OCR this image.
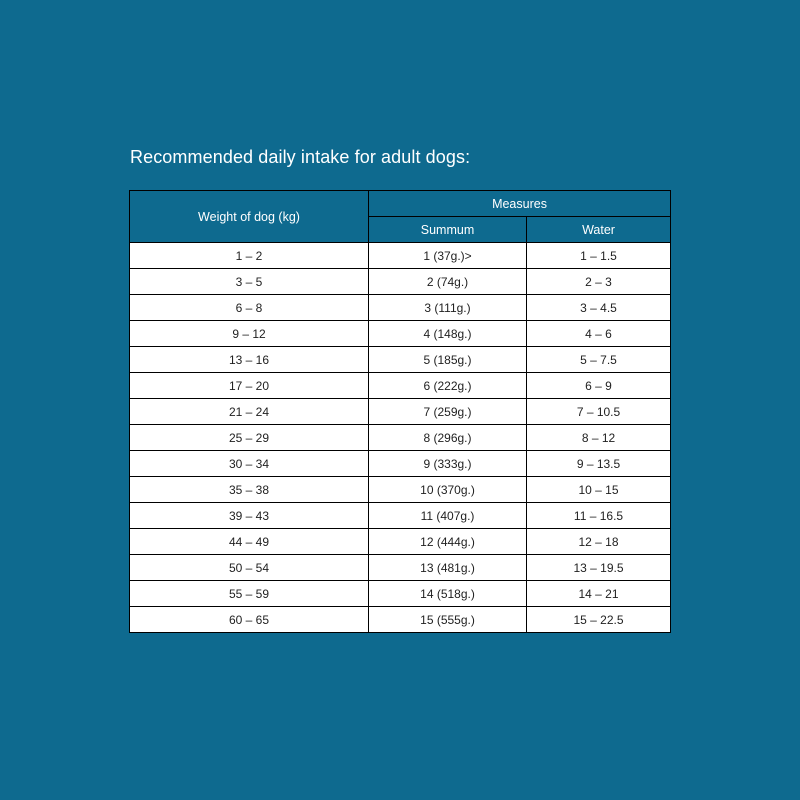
Recommended daily intake for adult dogs:
Weight of dog (kg)	Measures	
	Summum	Water
1 – 2	1 (37g.)>	1 – 1.5
3 – 5	2 (74g.)	2 – 3
6 – 8	3 (111g.)	3 – 4.5
9 – 12	4 (148g.)	4 – 6
13 – 16	5 (185g.)	5 – 7.5
17 – 20	6 (222g.)	6 – 9
21 – 24	7 (259g.)	7 – 10.5
25 – 29	8 (296g.)	8 – 12
30 – 34	9 (333g.)	9 – 13.5
35 – 38	10 (370g.)	10 – 15
39 – 43	11 (407g.)	11 – 16.5
44 – 49	12 (444g.)	12 – 18
50 – 54	13 (481g.)	13 – 19.5
55 – 59	14 (518g.)	14 – 21
60 – 65	15 (555g.)	15 – 22.5
